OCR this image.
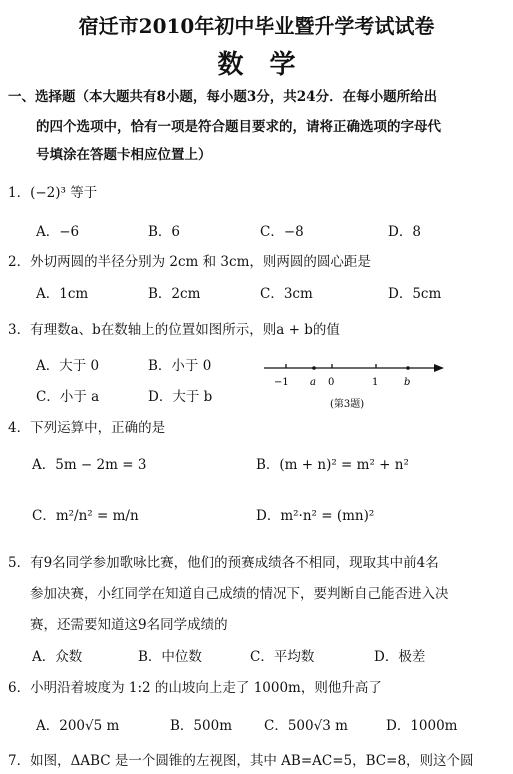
宿迁市2010年初中毕业暨升学考试试卷
数学
一、选择题（本大题共有8小题，每小题3分，共24分．在每小题所给出
的四个选项中，恰有一项是符合题目要求的，请将正确选项的字母代
号填涂在答题卡相应位置上）
1．(−2)³ 等于
A．−6	B．6	C．−8	D．8
2．外切两圆的半径分别为 2cm 和 3cm，则两圆的圆心距是
A．1cm	B．2cm	C．3cm	D．5cm
3．有理数a、b在数轴上的位置如图所示，则a + b的值
A．大于 0	B．小于 0
C．小于 a	D．大于 b
−1 a 0	1	b
(第3题)
4．下列运算中，正确的是
A．5m − 2m = 3	B．(m + n)² = m² + n²
C．m²/n² = m/n	D．m²·n² = (mn)²
5．有9名同学参加歌咏比赛，他们的预赛成绩各不相同，现取其中前4名
参加决赛，小红同学在知道自己成绩的情况下，要判断自己能否进入决
赛，还需要知道这9名同学成绩的
A．众数	B．中位数	C．平均数	D．极差
6．小明沿着坡度为 1:2 的山坡向上走了 1000m，则他升高了
A．200√5 m	B．500m C．500√3 m	D．1000m
7．如图，ΔABC 是一个圆锥的左视图，其中 AB=AC=5，BC=8，则这个圆
